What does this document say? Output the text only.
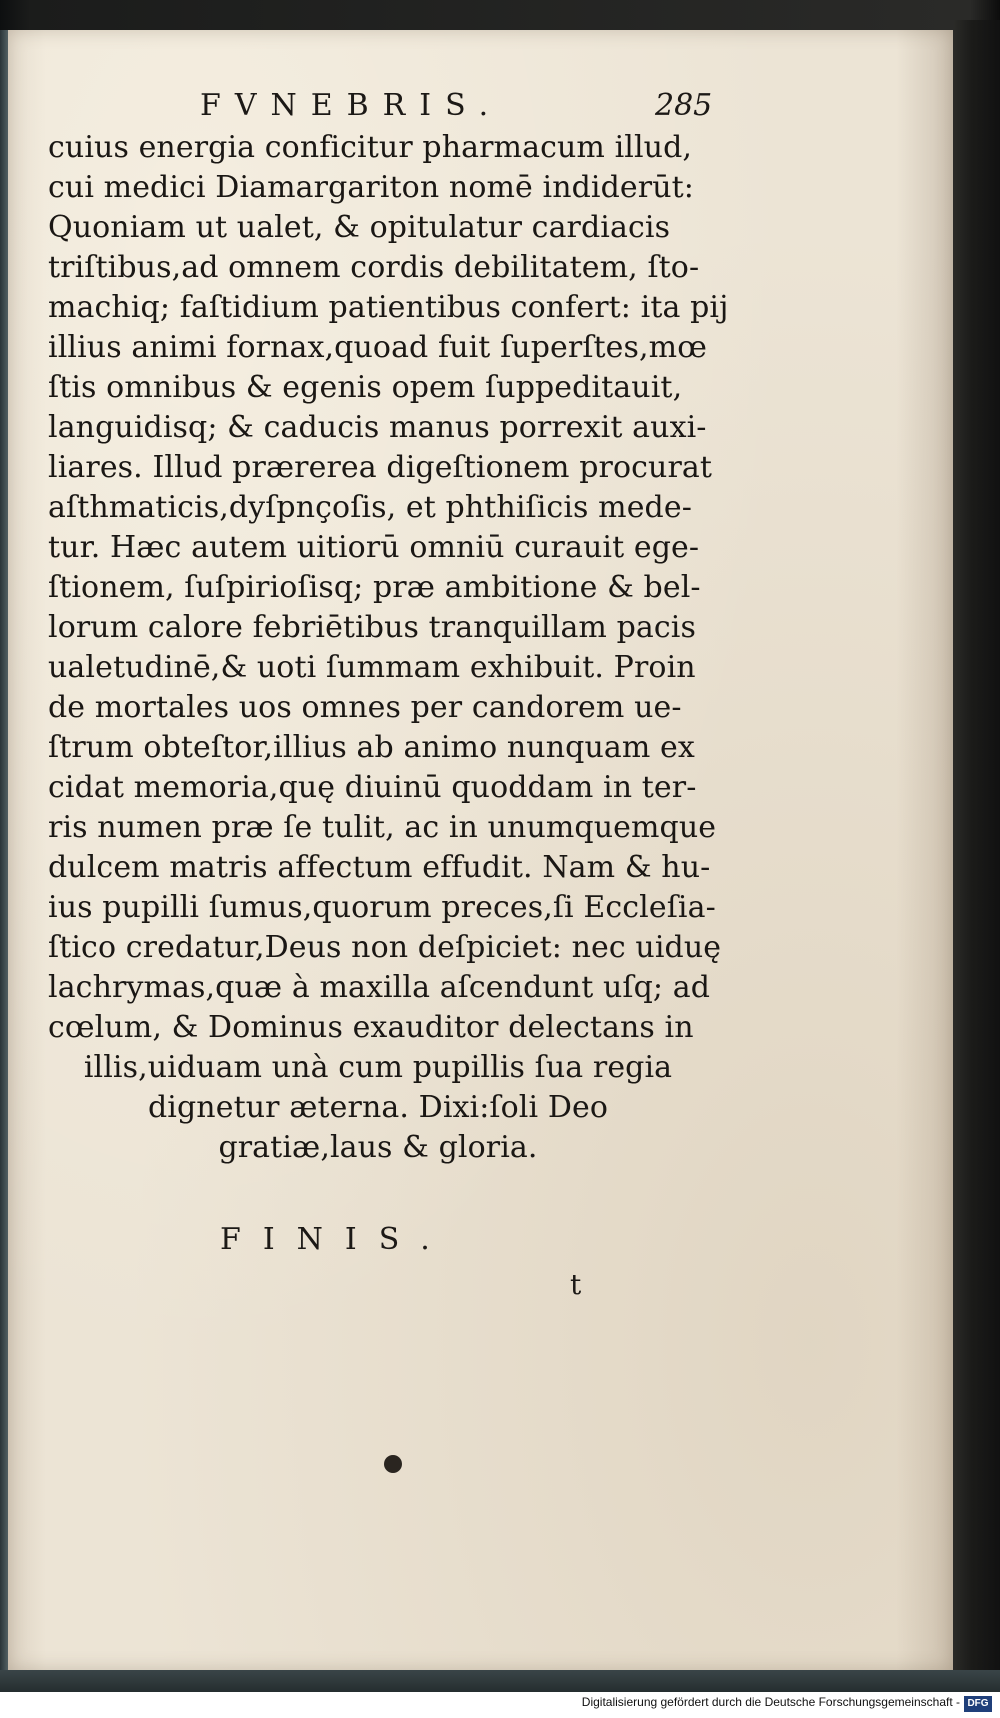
FVNEBRIS.	285
cuius energia conficitur pharmacum illud,
cui medici Diamargariton nomē indiderūt:
Quoniam ut ualet, & opitulatur cardiacis
triſtibus,ad omnem cordis debilitatem, ſto-
machiq; faſtidium patientibus confert: ita pij
illius animi fornax,quoad fuit ſuperſtes,mœ
ſtis omnibus & egenis opem ſuppeditauit,
languidisq; & caducis manus porrexit auxi-
liares. Illud prærerea digeſtionem procurat
aſthmaticis,dyſpnçoſis, et phthiſicis mede-
tur. Hæc autem uitiorū omniū curauit ege-
ſtionem, ſuſpirioſisq; præ ambitione & bel-
lorum calore febriētibus tranquillam pacis
ualetudinē,& uoti ſummam exhibuit. Proin
de mortales uos omnes per candorem ue-
ſtrum obteſtor,illius ab animo nunquam ex
cidat memoria,quę diuinū quoddam in ter-
ris numen præ ſe tulit, ac in unumquemque
dulcem matris affectum effudit. Nam & hu-
ius pupilli ſumus,quorum preces,ſi Eccleſia-
ſtico credatur,Deus non deſpiciet: nec uiduę
lachrymas,quæ à maxilla aſcendunt uſq; ad
cœlum, & Dominus exauditor delectans in
illis,uiduam unà cum pupillis ſua regia
dignetur æterna. Dixi:ſoli Deo
gratiæ,laus & gloria.
FINIS.
t
Digitalisierung gefördert durch die Deutsche Forschungsgemeinschaft - DFG
